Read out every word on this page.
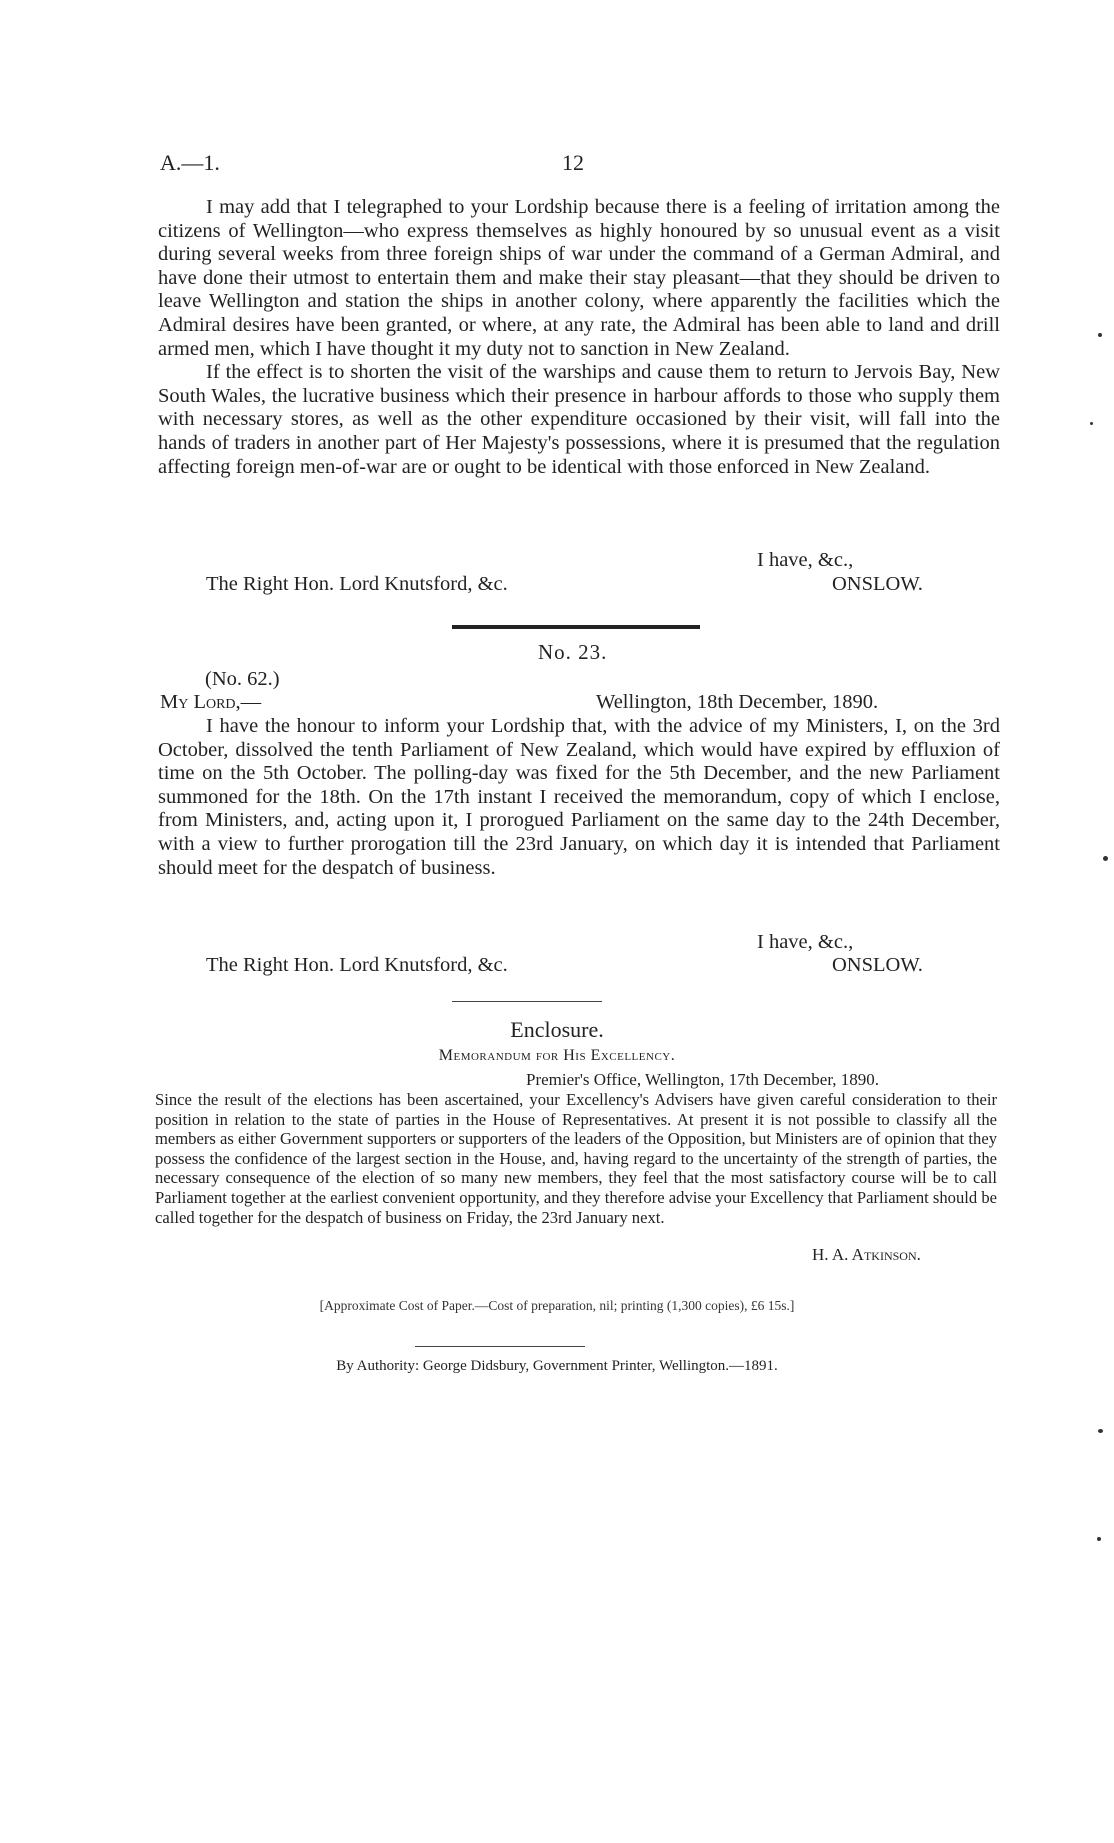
A.—1.	12

I may add that I telegraphed to your Lordship because there is a feeling of irritation among the citizens of Wellington—who express themselves as highly honoured by so unusual event as a visit during several weeks from three foreign ships of war under the command of a German Admiral, and have done their utmost to entertain them and make their stay pleasant—that they should be driven to leave Wellington and station the ships in another colony, where apparently the facilities which the Admiral desires have been granted, or where, at any rate, the Admiral has been able to land and drill armed men, which I have thought it my duty not to sanction in New Zealand.

If the effect is to shorten the visit of the warships and cause them to return to Jervois Bay, New South Wales, the lucrative business which their presence in harbour affords to those who supply them with necessary stores, as well as the other expenditure occasioned by their visit, will fall into the hands of traders in another part of Her Majesty's possessions, where it is presumed that the regulation affecting foreign men-of-war are or ought to be identical with those enforced in New Zealand.

I have, &c.,
The Right Hon. Lord Knutsford, &c.	ONSLOW.
No. 23.
(No. 62.)
My Lord,—	Wellington, 18th December, 1890.

I have the honour to inform your Lordship that, with the advice of my Ministers, I, on the 3rd October, dissolved the tenth Parliament of New Zealand, which would have expired by effluxion of time on the 5th October. The polling-day was fixed for the 5th December, and the new Parliament summoned for the 18th. On the 17th instant I received the memorandum, copy of which I enclose, from Ministers, and, acting upon it, I prorogued Parliament on the same day to the 24th December, with a view to further prorogation till the 23rd January, on which day it is intended that Parliament should meet for the despatch of business.

I have, &c.,
The Right Hon. Lord Knutsford, &c.	ONSLOW.
Enclosure.
Memorandum for His Excellency.
Premier's Office, Wellington, 17th December, 1890.

Since the result of the elections has been ascertained, your Excellency's Advisers have given careful consideration to their position in relation to the state of parties in the House of Representatives. At present it is not possible to classify all the members as either Government supporters or supporters of the leaders of the Opposition, but Ministers are of opinion that they possess the confidence of the largest section in the House, and, having regard to the uncertainty of the strength of parties, the necessary consequence of the election of so many new members, they feel that the most satisfactory course will be to call Parliament together at the earliest convenient opportunity, and they therefore advise your Excellency that Parliament should be called together for the despatch of business on Friday, the 23rd January next.

H. A. Atkinson.
[Approximate Cost of Paper.—Cost of preparation, nil; printing (1,300 copies), £6 15s.]
By Authority: George Didsbury, Government Printer, Wellington.—1891.
